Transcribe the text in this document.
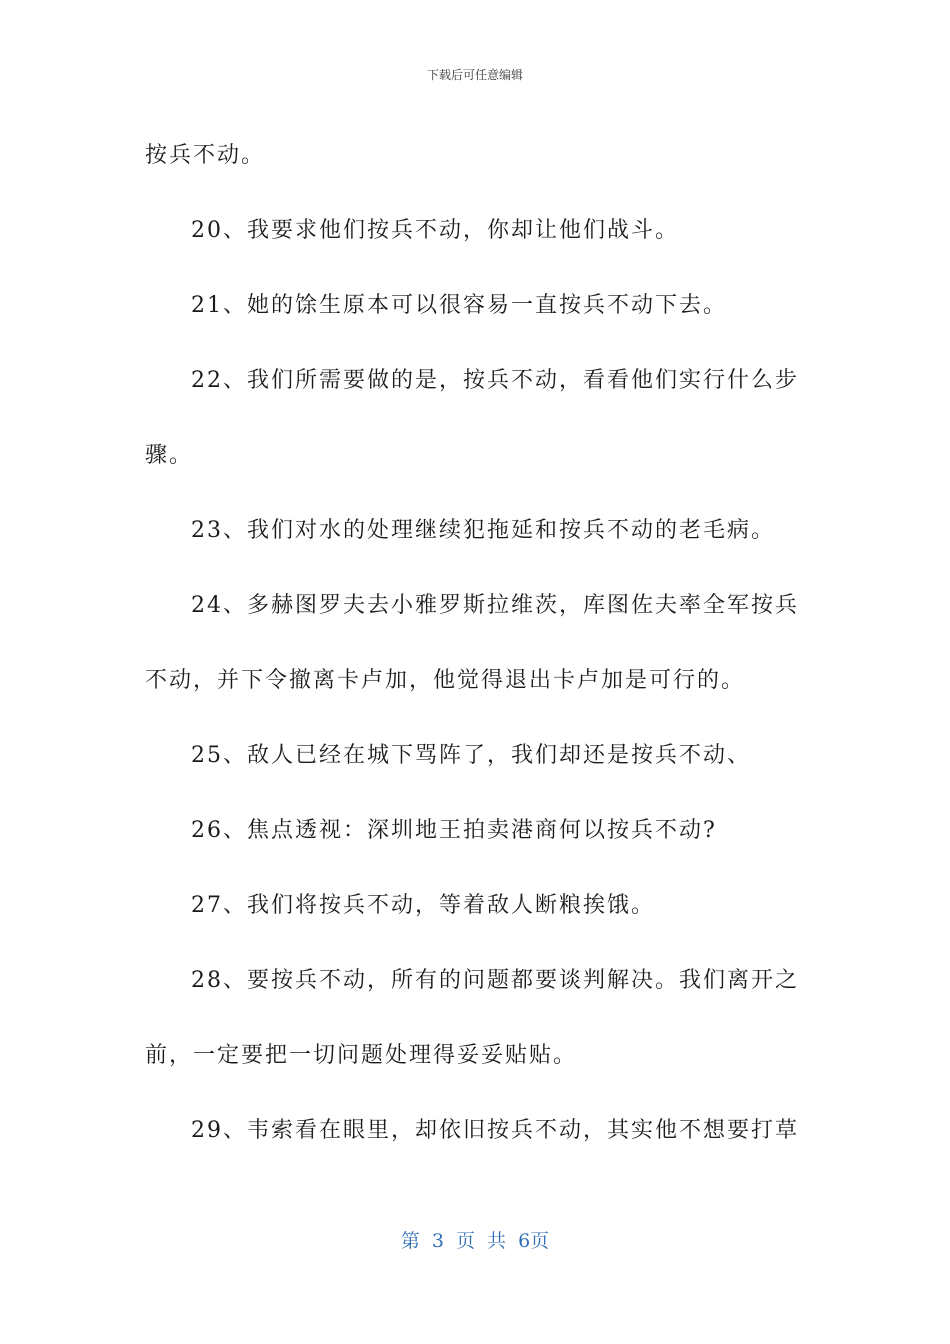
下载后可任意编辑
按兵不动。
20、我要求他们按兵不动，你却让他们战斗。
21、她的馀生原本可以很容易一直按兵不动下去。
22、我们所需要做的是，按兵不动，看看他们实行什么步
骤。
23、我们对水的处理继续犯拖延和按兵不动的老毛病。
24、多赫图罗夫去小雅罗斯拉维茨，库图佐夫率全军按兵
不动，并下令撤离卡卢加，他觉得退出卡卢加是可行的。
25、敌人已经在城下骂阵了，我们却还是按兵不动、
26、焦点透视：深圳地王拍卖港商何以按兵不动?
27、我们将按兵不动，等着敌人断粮挨饿。
28、要按兵不动，所有的问题都要谈判解决。我们离开之
前，一定要把一切问题处理得妥妥贴贴。
29、韦索看在眼里，却依旧按兵不动，其实他不想要打草
第 3 页 共 6页
